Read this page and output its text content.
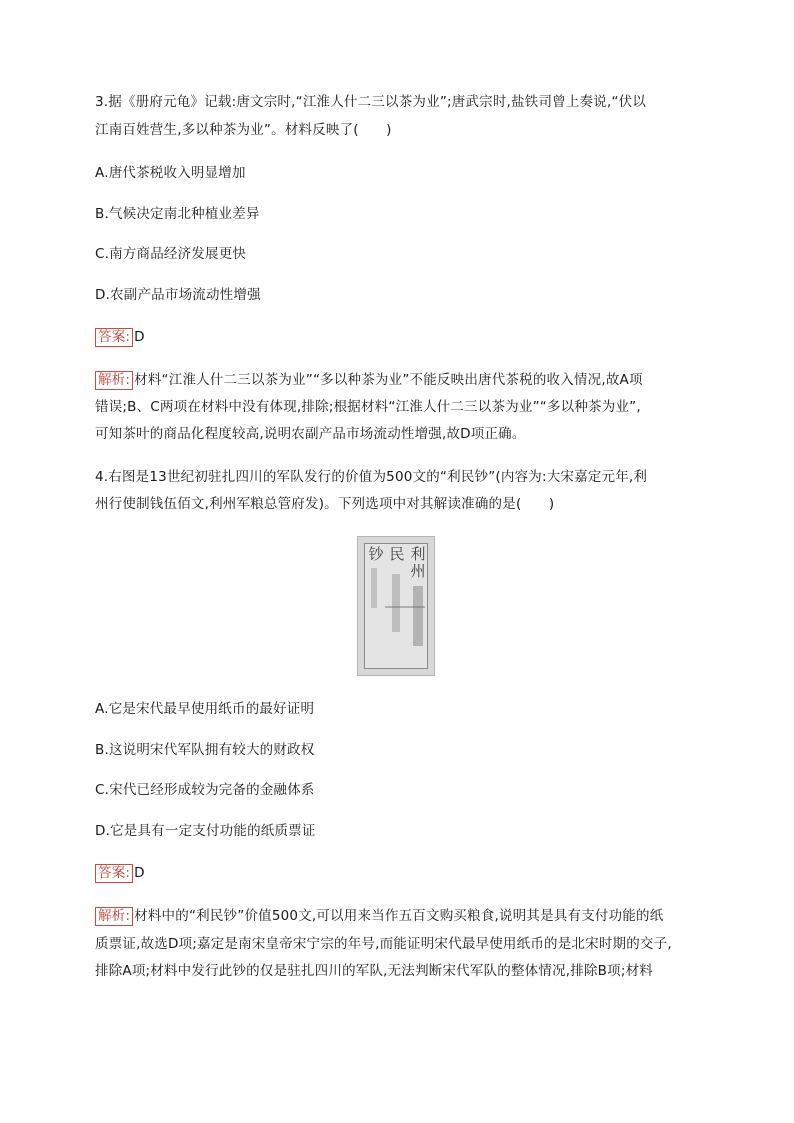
3.据《册府元龟》记载:唐文宗时,“江淮人什二三以茶为业”;唐武宗时,盐铁司曾上奏说,“伏以
江南百姓营生,多以种茶为业”。材料反映了(　　)
A.唐代茶税收入明显增加
B.气候决定南北种植业差异
C.南方商品经济发展更快
D.农副产品市场流动性增强
答案: D
解析: 材料“江淮人什二三以茶为业”“多以种茶为业”不能反映出唐代茶税的收入情况,故A项
错误;B、C两项在材料中没有体现,排除;根据材料“江淮人什二三以茶为业”“多以种茶为业”,
可知茶叶的商品化程度较高,说明农副产品市场流动性增强,故D项正确。
4.右图是13世纪初驻扎四川的军队发行的价值为500文的“利民钞”(内容为:大宋嘉定元年,利
州行使制钱伍佰文,利州军粮总管府发)。下列选项中对其解读准确的是(　　)
利州
民
钞
A.它是宋代最早使用纸币的最好证明
B.这说明宋代军队拥有较大的财政权
C.宋代已经形成较为完备的金融体系
D.它是具有一定支付功能的纸质票证
答案: D
解析: 材料中的“利民钞”价值500文,可以用来当作五百文购买粮食,说明其是具有支付功能的纸
质票证,故选D项;嘉定是南宋皇帝宋宁宗的年号,而能证明宋代最早使用纸币的是北宋时期的交子,
排除A项;材料中发行此钞的仅是驻扎四川的军队,无法判断宋代军队的整体情况,排除B项;材料
